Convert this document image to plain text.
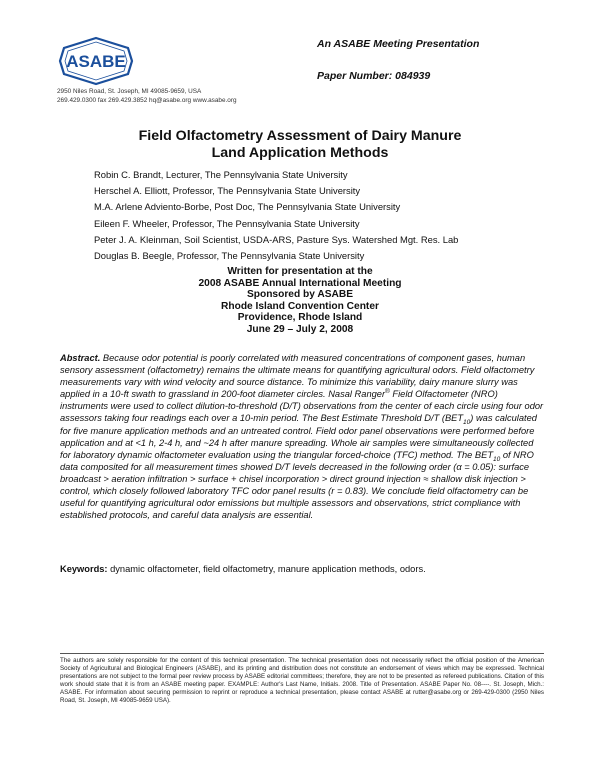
ASABE
2950 Niles Road, St. Joseph, MI 49085-9659, USA
269.429.0300 fax 269.429.3852 hq@asabe.org www.asabe.org
An ASABE Meeting Presentation
Paper Number: 084939
Field Olfactometry Assessment of Dairy Manure
Land Application Methods
Robin C. Brandt, Lecturer, The Pennsylvania State University
Herschel A. Elliott, Professor, The Pennsylvania State University
M.A. Arlene Adviento-Borbe, Post Doc, The Pennsylvania State University
Eileen F. Wheeler, Professor, The Pennsylvania State University
Peter J. A. Kleinman, Soil Scientist, USDA-ARS, Pasture Sys. Watershed Mgt. Res. Lab
Douglas B. Beegle, Professor, The Pennsylvania State University
Written for presentation at the
2008 ASABE Annual International Meeting
Sponsored by ASABE
Rhode Island Convention Center
Providence, Rhode Island
June 29 – July 2, 2008
Abstract. Because odor potential is poorly correlated with measured concentrations of component gases, human sensory assessment (olfactometry) remains the ultimate means for quantifying agricultural odors. Field olfactometry measurements vary with wind velocity and source distance. To minimize this variability, dairy manure slurry was applied in a 10-ft swath to grassland in 200-foot diameter circles. Nasal Ranger® Field Olfactometer (NRO) instruments were used to collect dilution-to-threshold (D/T) observations from the center of each circle using four odor assessors taking four readings each over a 10-min period. The Best Estimate Threshold D/T $(BET_{10})$ was calculated for five manure application methods and an untreated control. Field odor panel observations were performed before application and at <1 h, 2-4 h, and ~24 h after manure spreading. Whole air samples were simultaneously collected for laboratory dynamic olfactometer evaluation using the triangular forced-choice (TFC) method. The $BET_{10}$ of NRO data composited for all measurement times showed D/T levels decreased in the following order (α = 0.05): surface broadcast > aeration infiltration > surface + chisel incorporation > direct ground injection ≈ shallow disk injection > control, which closely followed laboratory TFC odor panel results (r = 0.83). We conclude field olfactometry can be useful for quantifying agricultural odor emissions but multiple assessors and observations, strict compliance with established protocols, and careful data analysis are essential.
Keywords: dynamic olfactometer, field olfactometry, manure application methods, odors.
The authors are solely responsible for the content of this technical presentation. The technical presentation does not necessarily reflect the official position of the American Society of Agricultural and Biological Engineers (ASABE), and its printing and distribution does not constitute an endorsement of views which may be expressed. Technical presentations are not subject to the formal peer review process by ASABE editorial committees; therefore, they are not to be presented as refereed publications. Citation of this work should state that it is from an ASABE meeting paper. EXAMPLE: Author's Last Name, Initials. 2008. Title of Presentation. ASABE Paper No. 08----. St. Joseph, Mich.: ASABE. For information about securing permission to reprint or reproduce a technical presentation, please contact ASABE at rutter@asabe.org or 269-429-0300 (2950 Niles Road, St. Joseph, MI 49085-9659 USA).
